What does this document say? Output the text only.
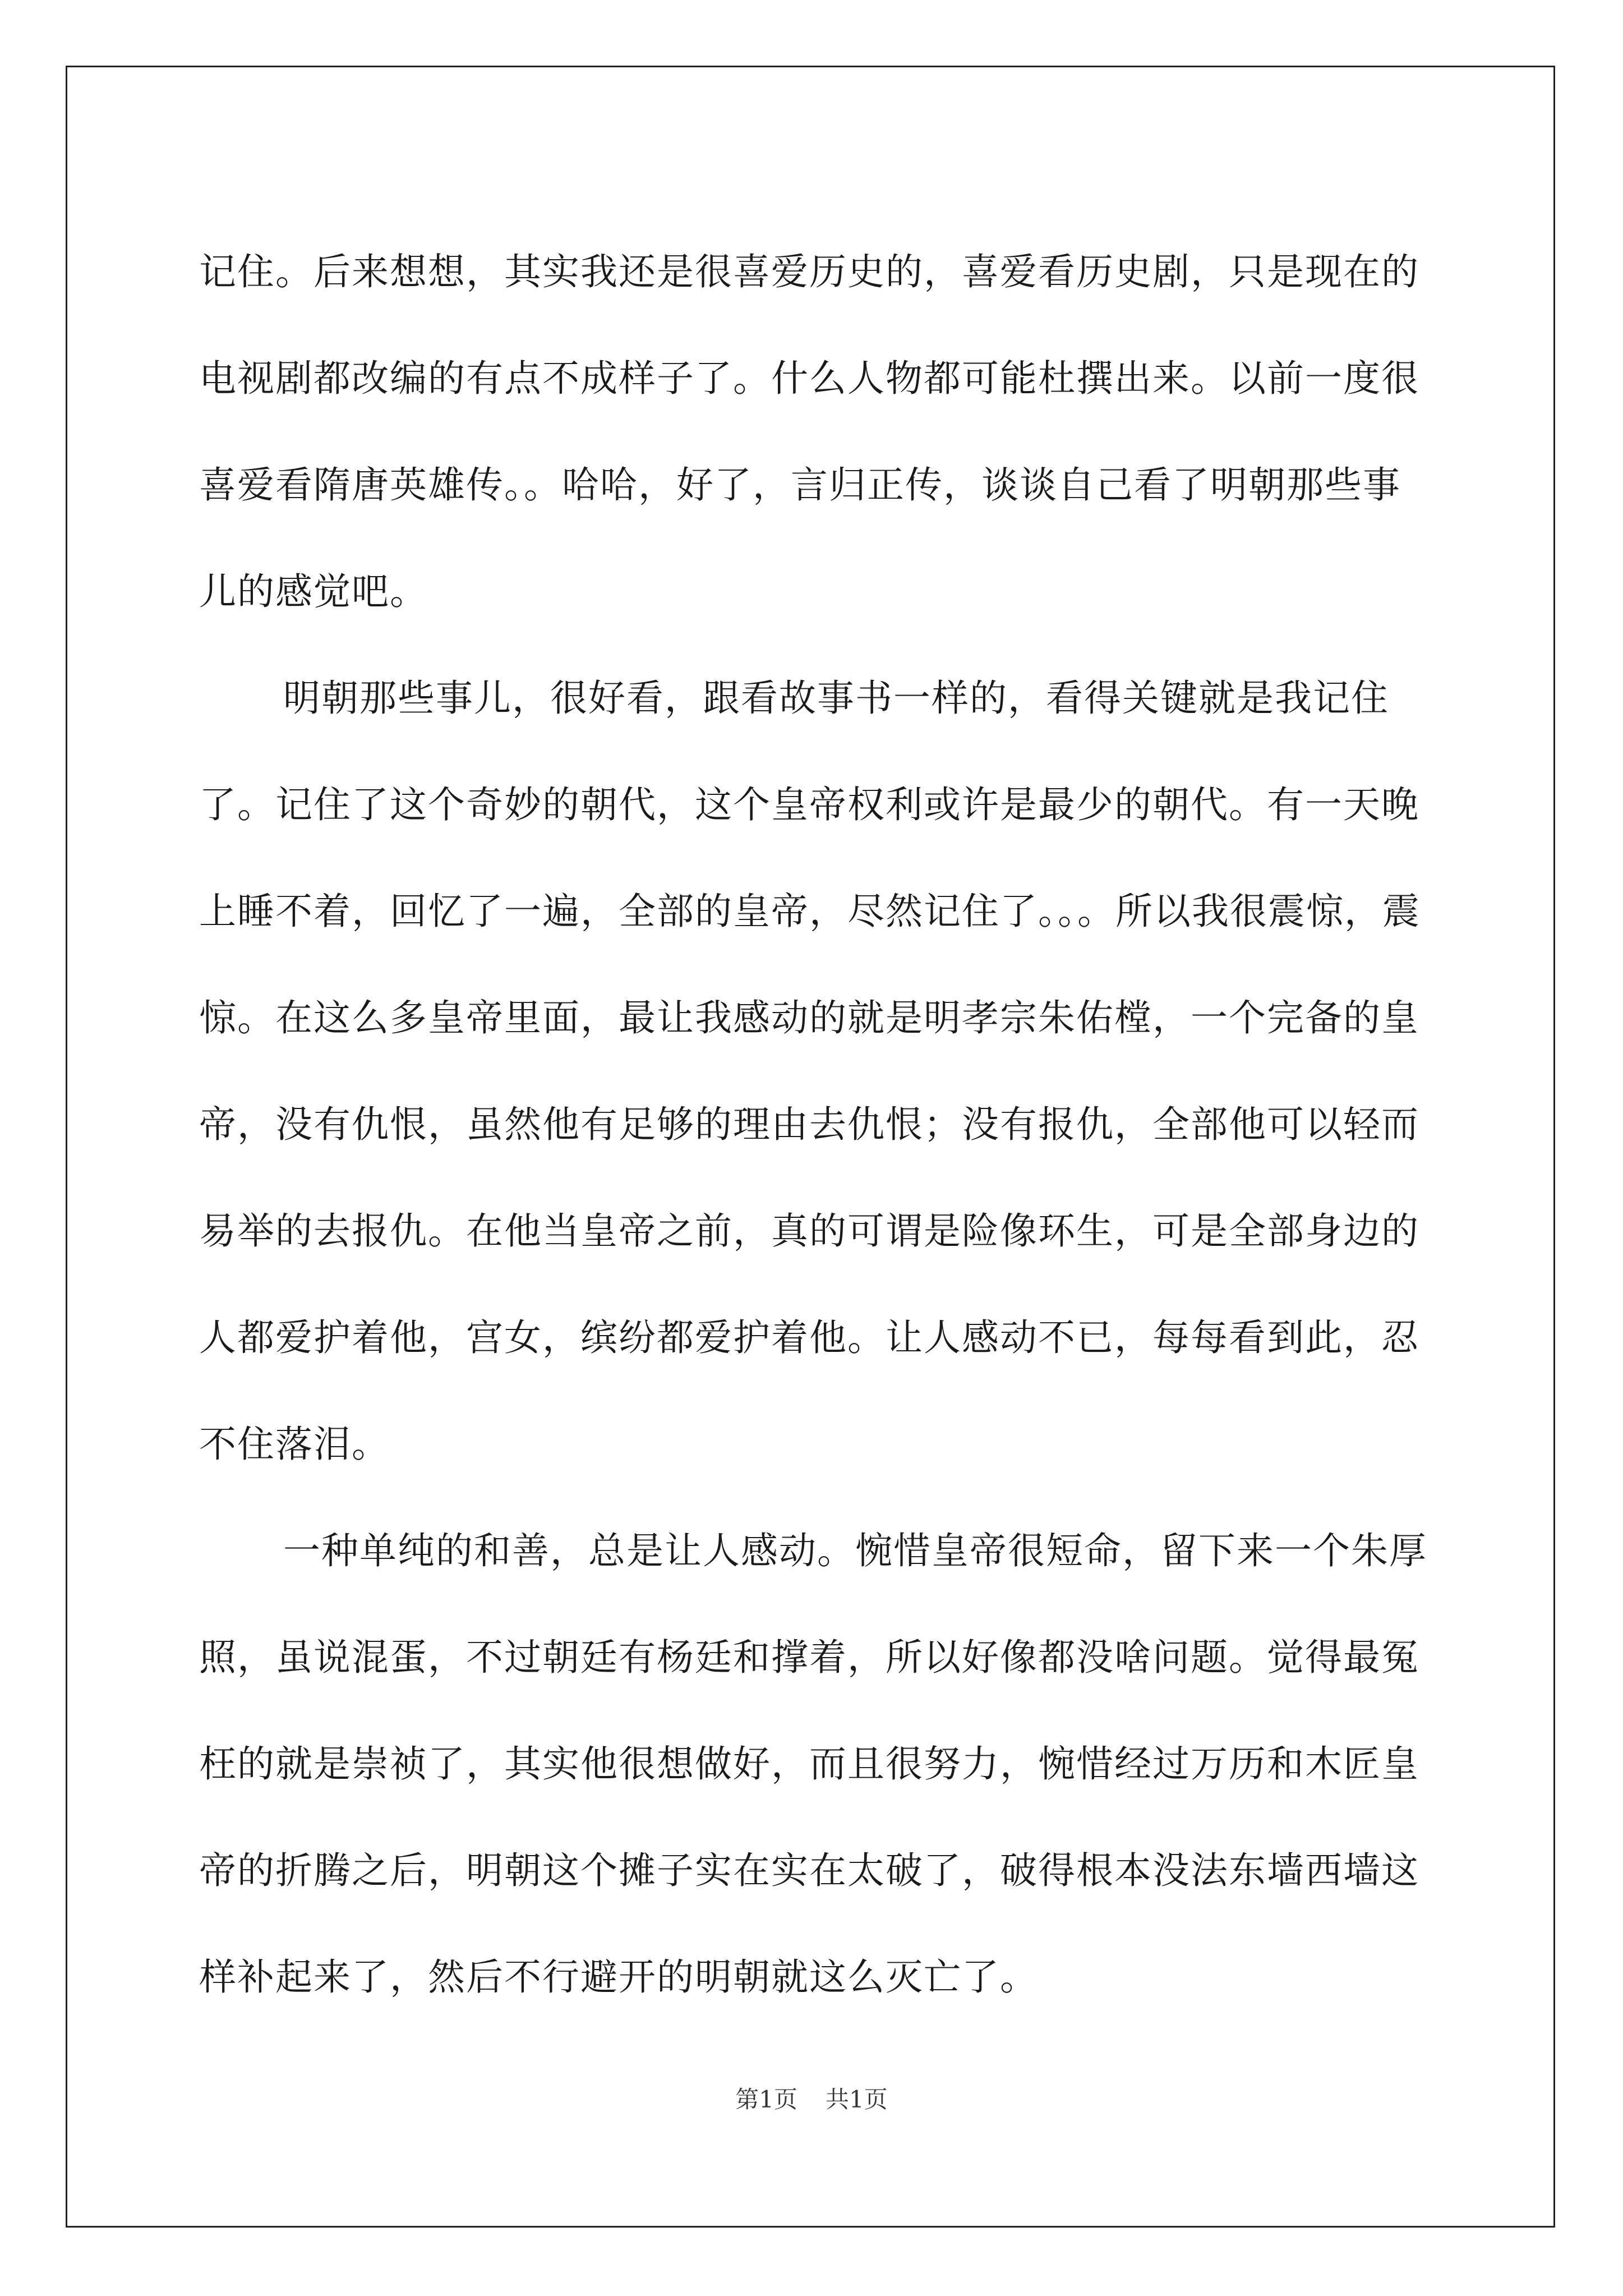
记住。后来想想，其实我还是很喜爱历史的，喜爱看历史剧，只是现在的电视剧都改编的有点不成样子了。什么人物都可能杜撰出来。以前一度很喜爱看隋唐英雄传。。哈哈，好了，言归正传，谈谈自己看了明朝那些事儿的感觉吧。

明朝那些事儿，很好看，跟看故事书一样的，看得关键就是我记住了。记住了这个奇妙的朝代，这个皇帝权利或许是最少的朝代。有一天晚上睡不着，回忆了一遍，全部的皇帝，尽然记住了。。。所以我很震惊，震惊。在这么多皇帝里面，最让我感动的就是明孝宗朱佑樘，一个完备的皇帝，没有仇恨，虽然他有足够的理由去仇恨；没有报仇，全部他可以轻而易举的去报仇。在他当皇帝之前，真的可谓是险像环生，可是全部身边的人都爱护着他，宫女，缤纷都爱护着他。让人感动不已，每每看到此，忍不住落泪。

一种单纯的和善，总是让人感动。惋惜皇帝很短命，留下来一个朱厚照，虽说混蛋，不过朝廷有杨廷和撑着，所以好像都没啥问题。觉得最冤枉的就是崇祯了，其实他很想做好，而且很努力，惋惜经过万历和木匠皇帝的折腾之后，明朝这个摊子实在实在太破了，破得根本没法东墙西墙这样补起来了，然后不行避开的明朝就这么灭亡了。

第1页 共1页
